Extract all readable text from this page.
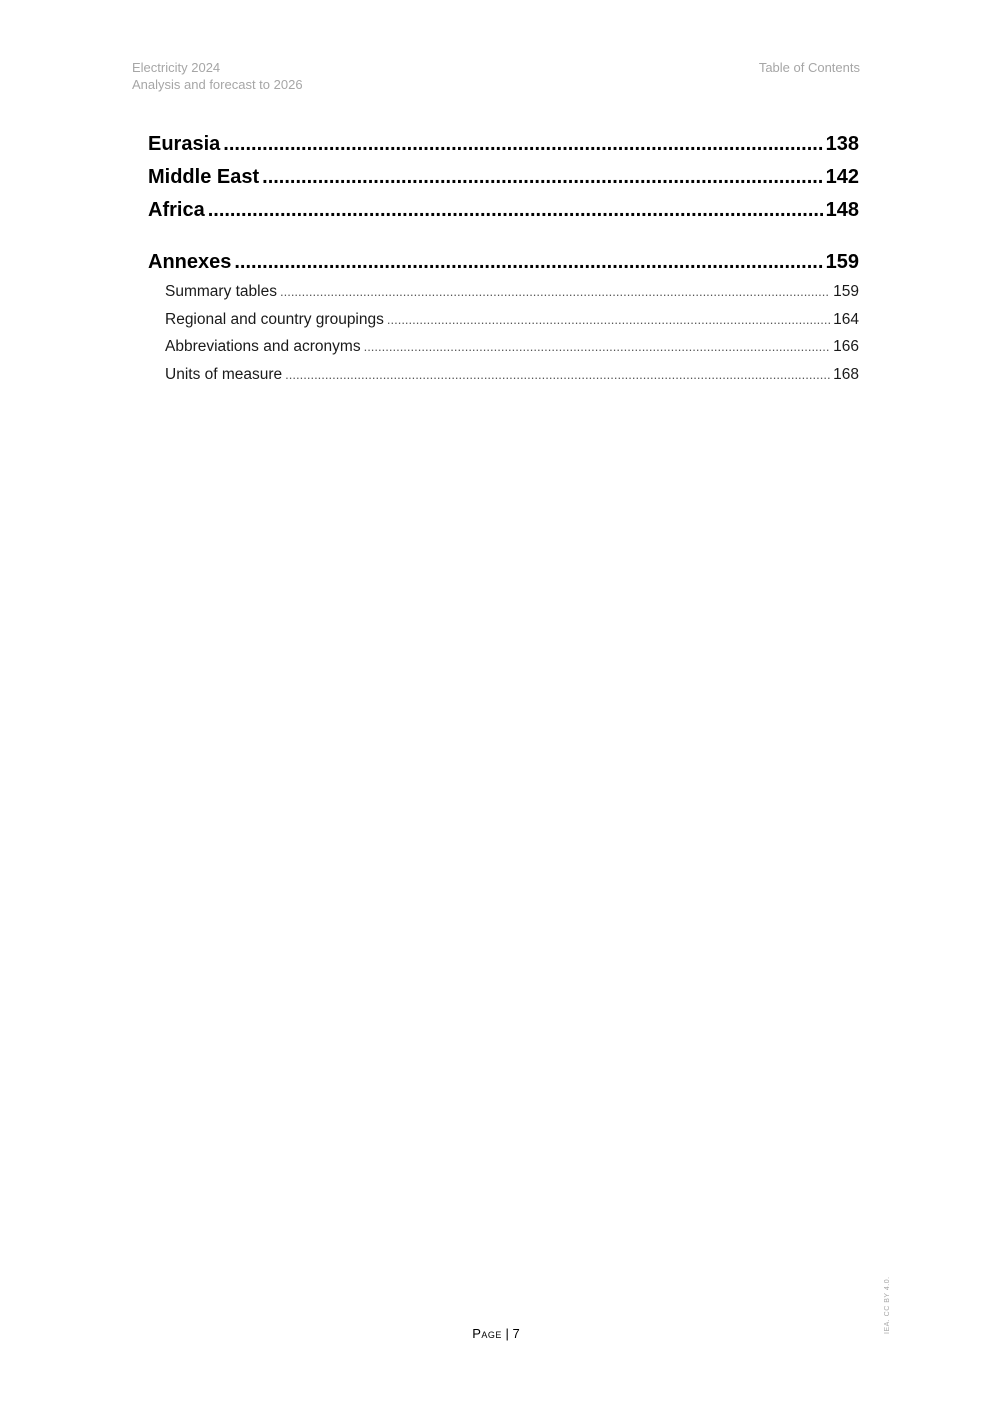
Electricity 2024
Analysis and forecast to 2026
Table of Contents
Eurasia .....	138
Middle East .....	142
Africa .....	148
Annexes .....	159
Summary tables .....	159
Regional and country groupings .....	164
Abbreviations and acronyms .....	166
Units of measure .....	168
Page | 7	IEA. CC BY 4.0.
